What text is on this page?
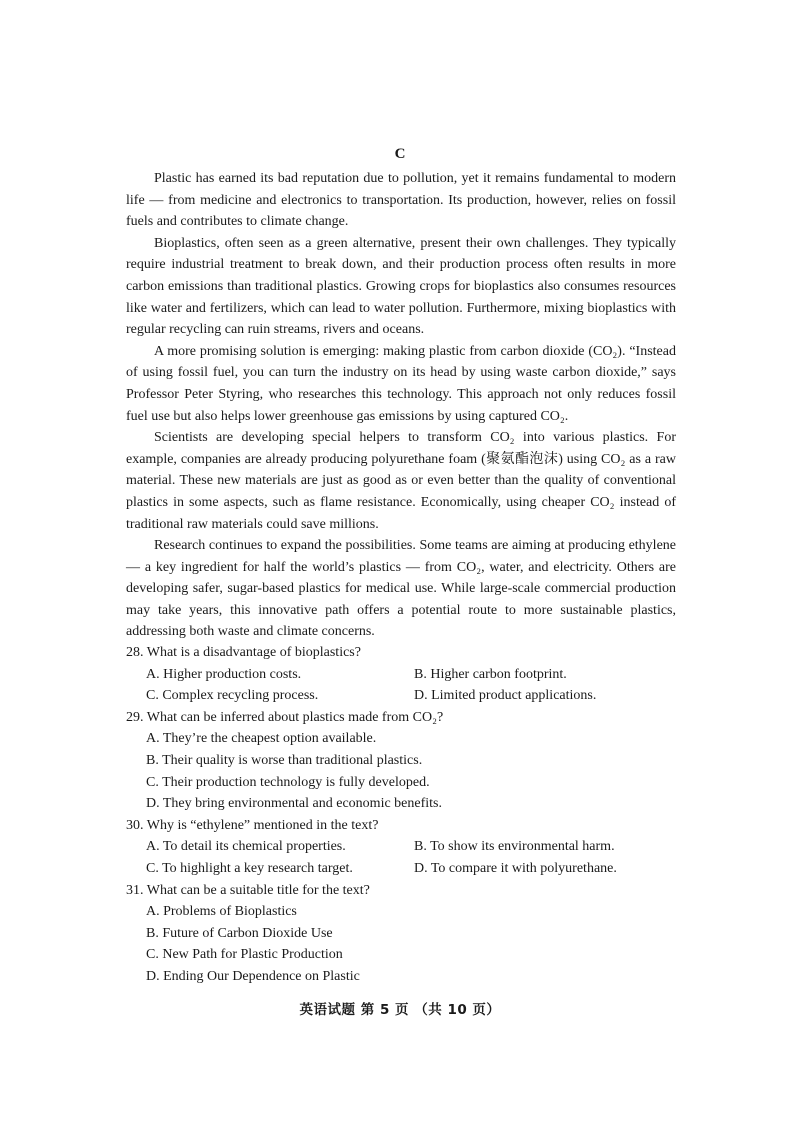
C

Plastic has earned its bad reputation due to pollution, yet it remains fundamental to modern life — from medicine and electronics to transportation. Its production, however, relies on fossil fuels and contributes to climate change.

Bioplastics, often seen as a green alternative, present their own challenges. They typically require industrial treatment to break down, and their production process often results in more carbon emissions than traditional plastics. Growing crops for bioplastics also consumes resources like water and fertilizers, which can lead to water pollution. Furthermore, mixing bioplastics with regular recycling can ruin streams, rivers and oceans.

A more promising solution is emerging: making plastic from carbon dioxide (CO₂). “Instead of using fossil fuel, you can turn the industry on its head by using waste carbon dioxide,” says Professor Peter Styring, who researches this technology. This approach not only reduces fossil fuel use but also helps lower greenhouse gas emissions by using captured CO₂.

Scientists are developing special helpers to transform CO₂ into various plastics. For example, companies are already producing polyurethane foam (聚氨酯泡沫) using CO₂ as a raw material. These new materials are just as good as or even better than the quality of conventional plastics in some aspects, such as flame resistance. Economically, using cheaper CO₂ instead of traditional raw materials could save millions.

Research continues to expand the possibilities. Some teams are aiming at producing ethylene — a key ingredient for half the world’s plastics — from CO₂, water, and electricity. Others are developing safer, sugar-based plastics for medical use. While large-scale commercial production may take years, this innovative path offers a potential route to more sustainable plastics, addressing both waste and climate concerns.

28. What is a disadvantage of bioplastics?
A. Higher production costs.	B. Higher carbon footprint.
C. Complex recycling process.	D. Limited product applications.
29. What can be inferred about plastics made from CO₂?
A. They’re the cheapest option available.
B. Their quality is worse than traditional plastics.
C. Their production technology is fully developed.
D. They bring environmental and economic benefits.
30. Why is “ethylene” mentioned in the text?
A. To detail its chemical properties.	B. To show its environmental harm.
C. To highlight a key research target.	D. To compare it with polyurethane.
31. What can be a suitable title for the text?
A. Problems of Bioplastics
B. Future of Carbon Dioxide Use
C. New Path for Plastic Production
D. Ending Our Dependence on Plastic
英语试题 第 5 页 （共 10 页）
